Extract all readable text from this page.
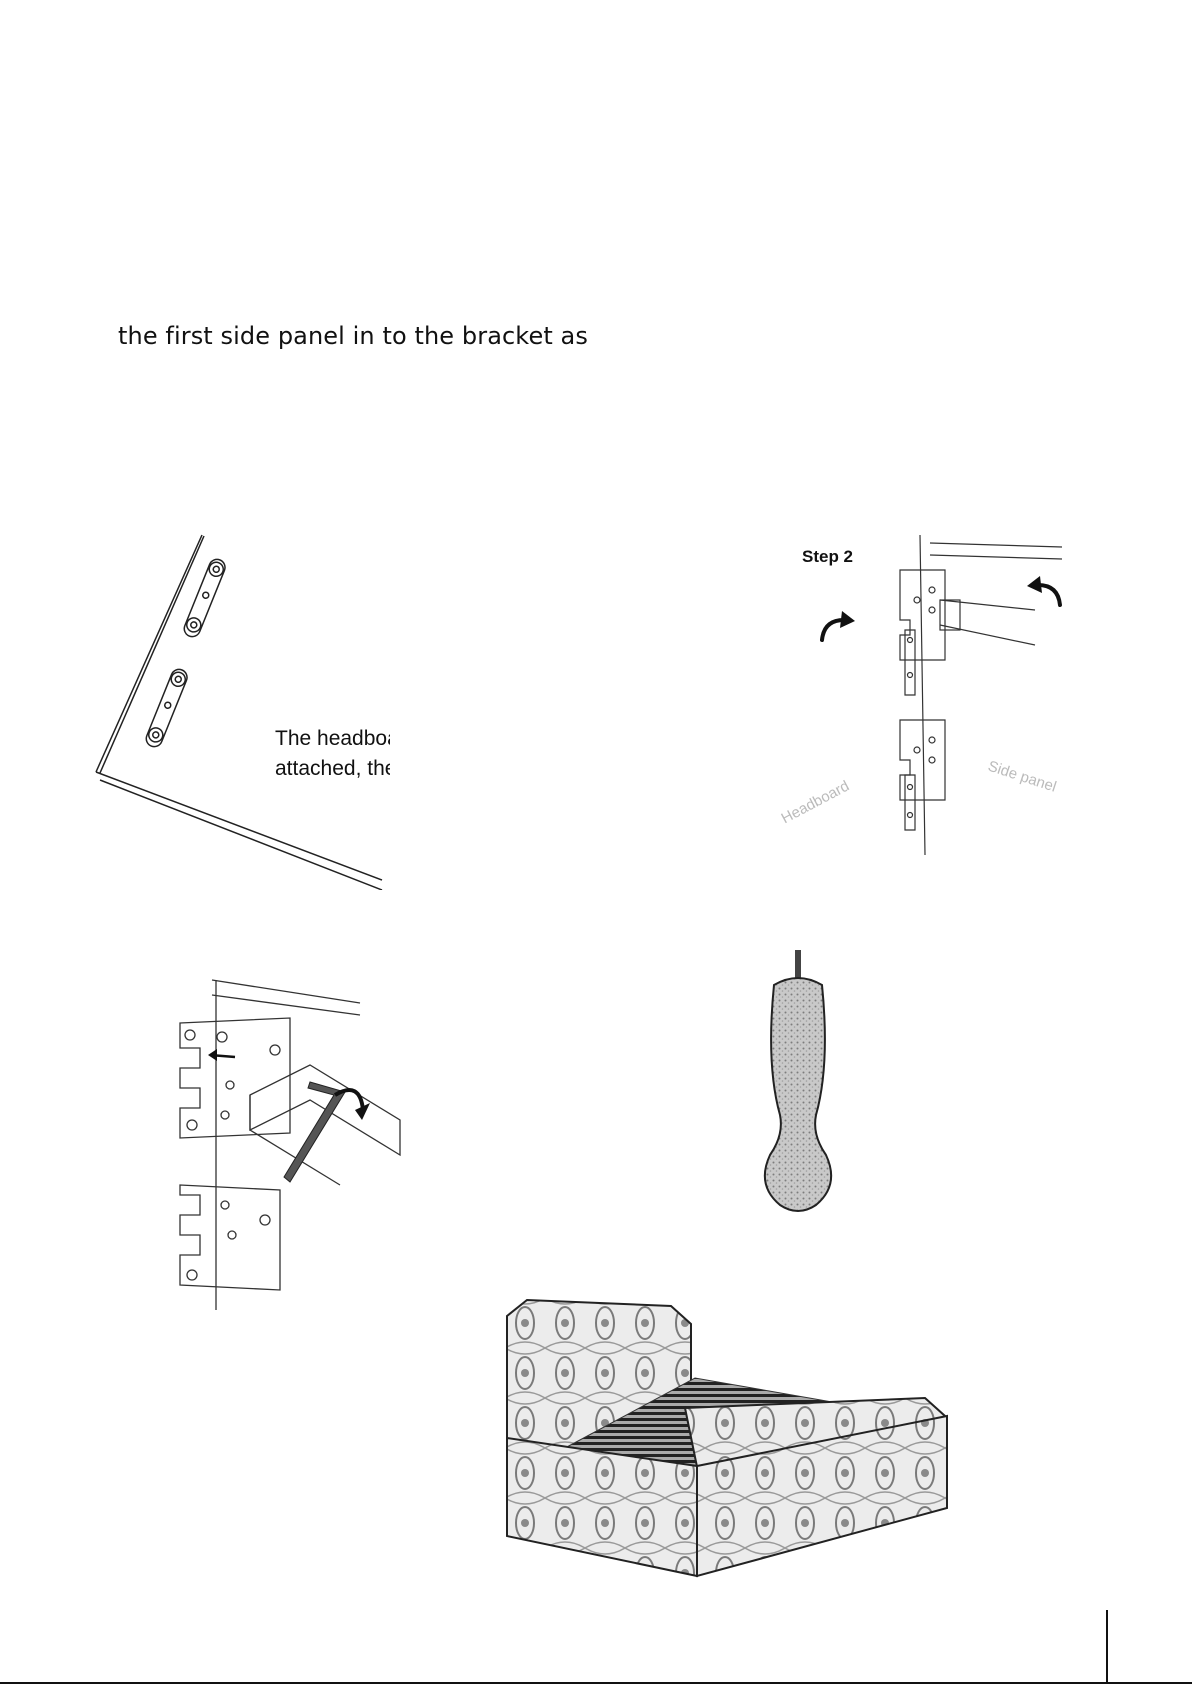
the first side panel in to the bracket as
The headboa
attached, the
Step 2
Headboard
Side panel
